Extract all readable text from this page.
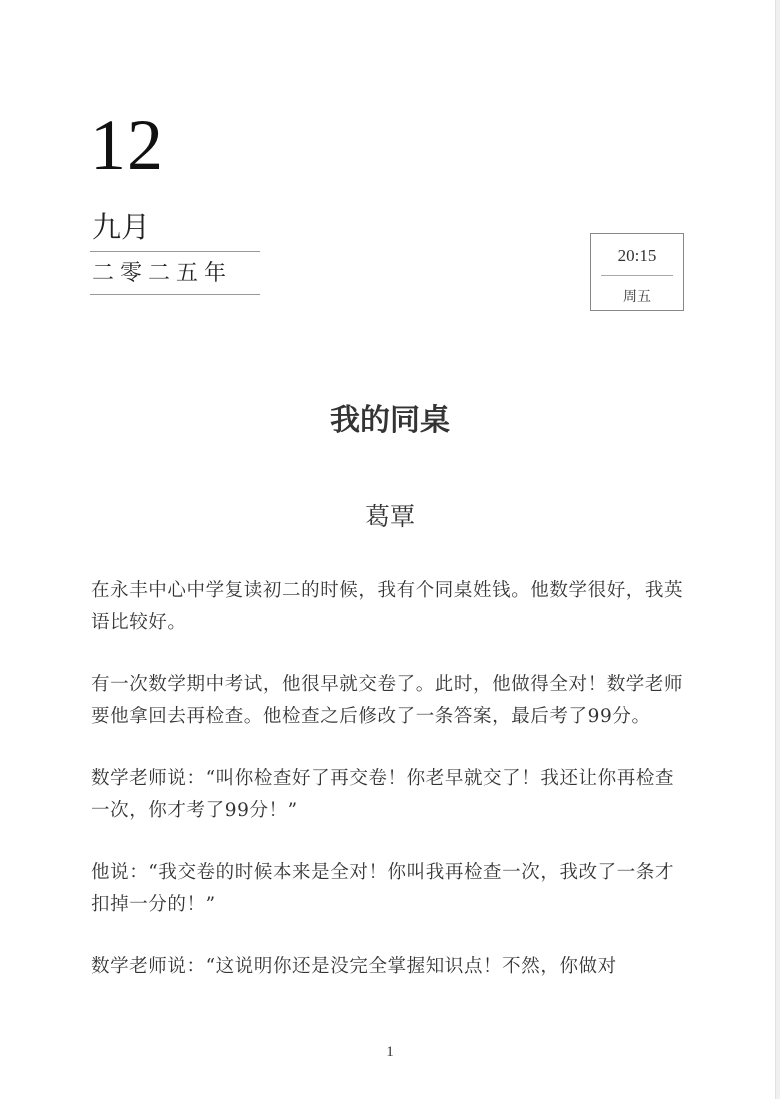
12
九月
二零二五年
20:15
周五
我的同桌
葛覃

在永丰中心中学复读初二的时候，我有个同桌姓钱。他数学很好，我英语比较好。

有一次数学期中考试，他很早就交卷了。此时，他做得全对！数学老师要他拿回去再检查。他检查之后修改了一条答案，最后考了99分。

数学老师说：“叫你检查好了再交卷！你老早就交了！我还让你再检查一次，你才考了99分！”

他说：“我交卷的时候本来是全对！你叫我再检查一次，我改了一条才扣掉一分的！”

数学老师说：“这说明你还是没完全掌握知识点！不然，你做对

1
